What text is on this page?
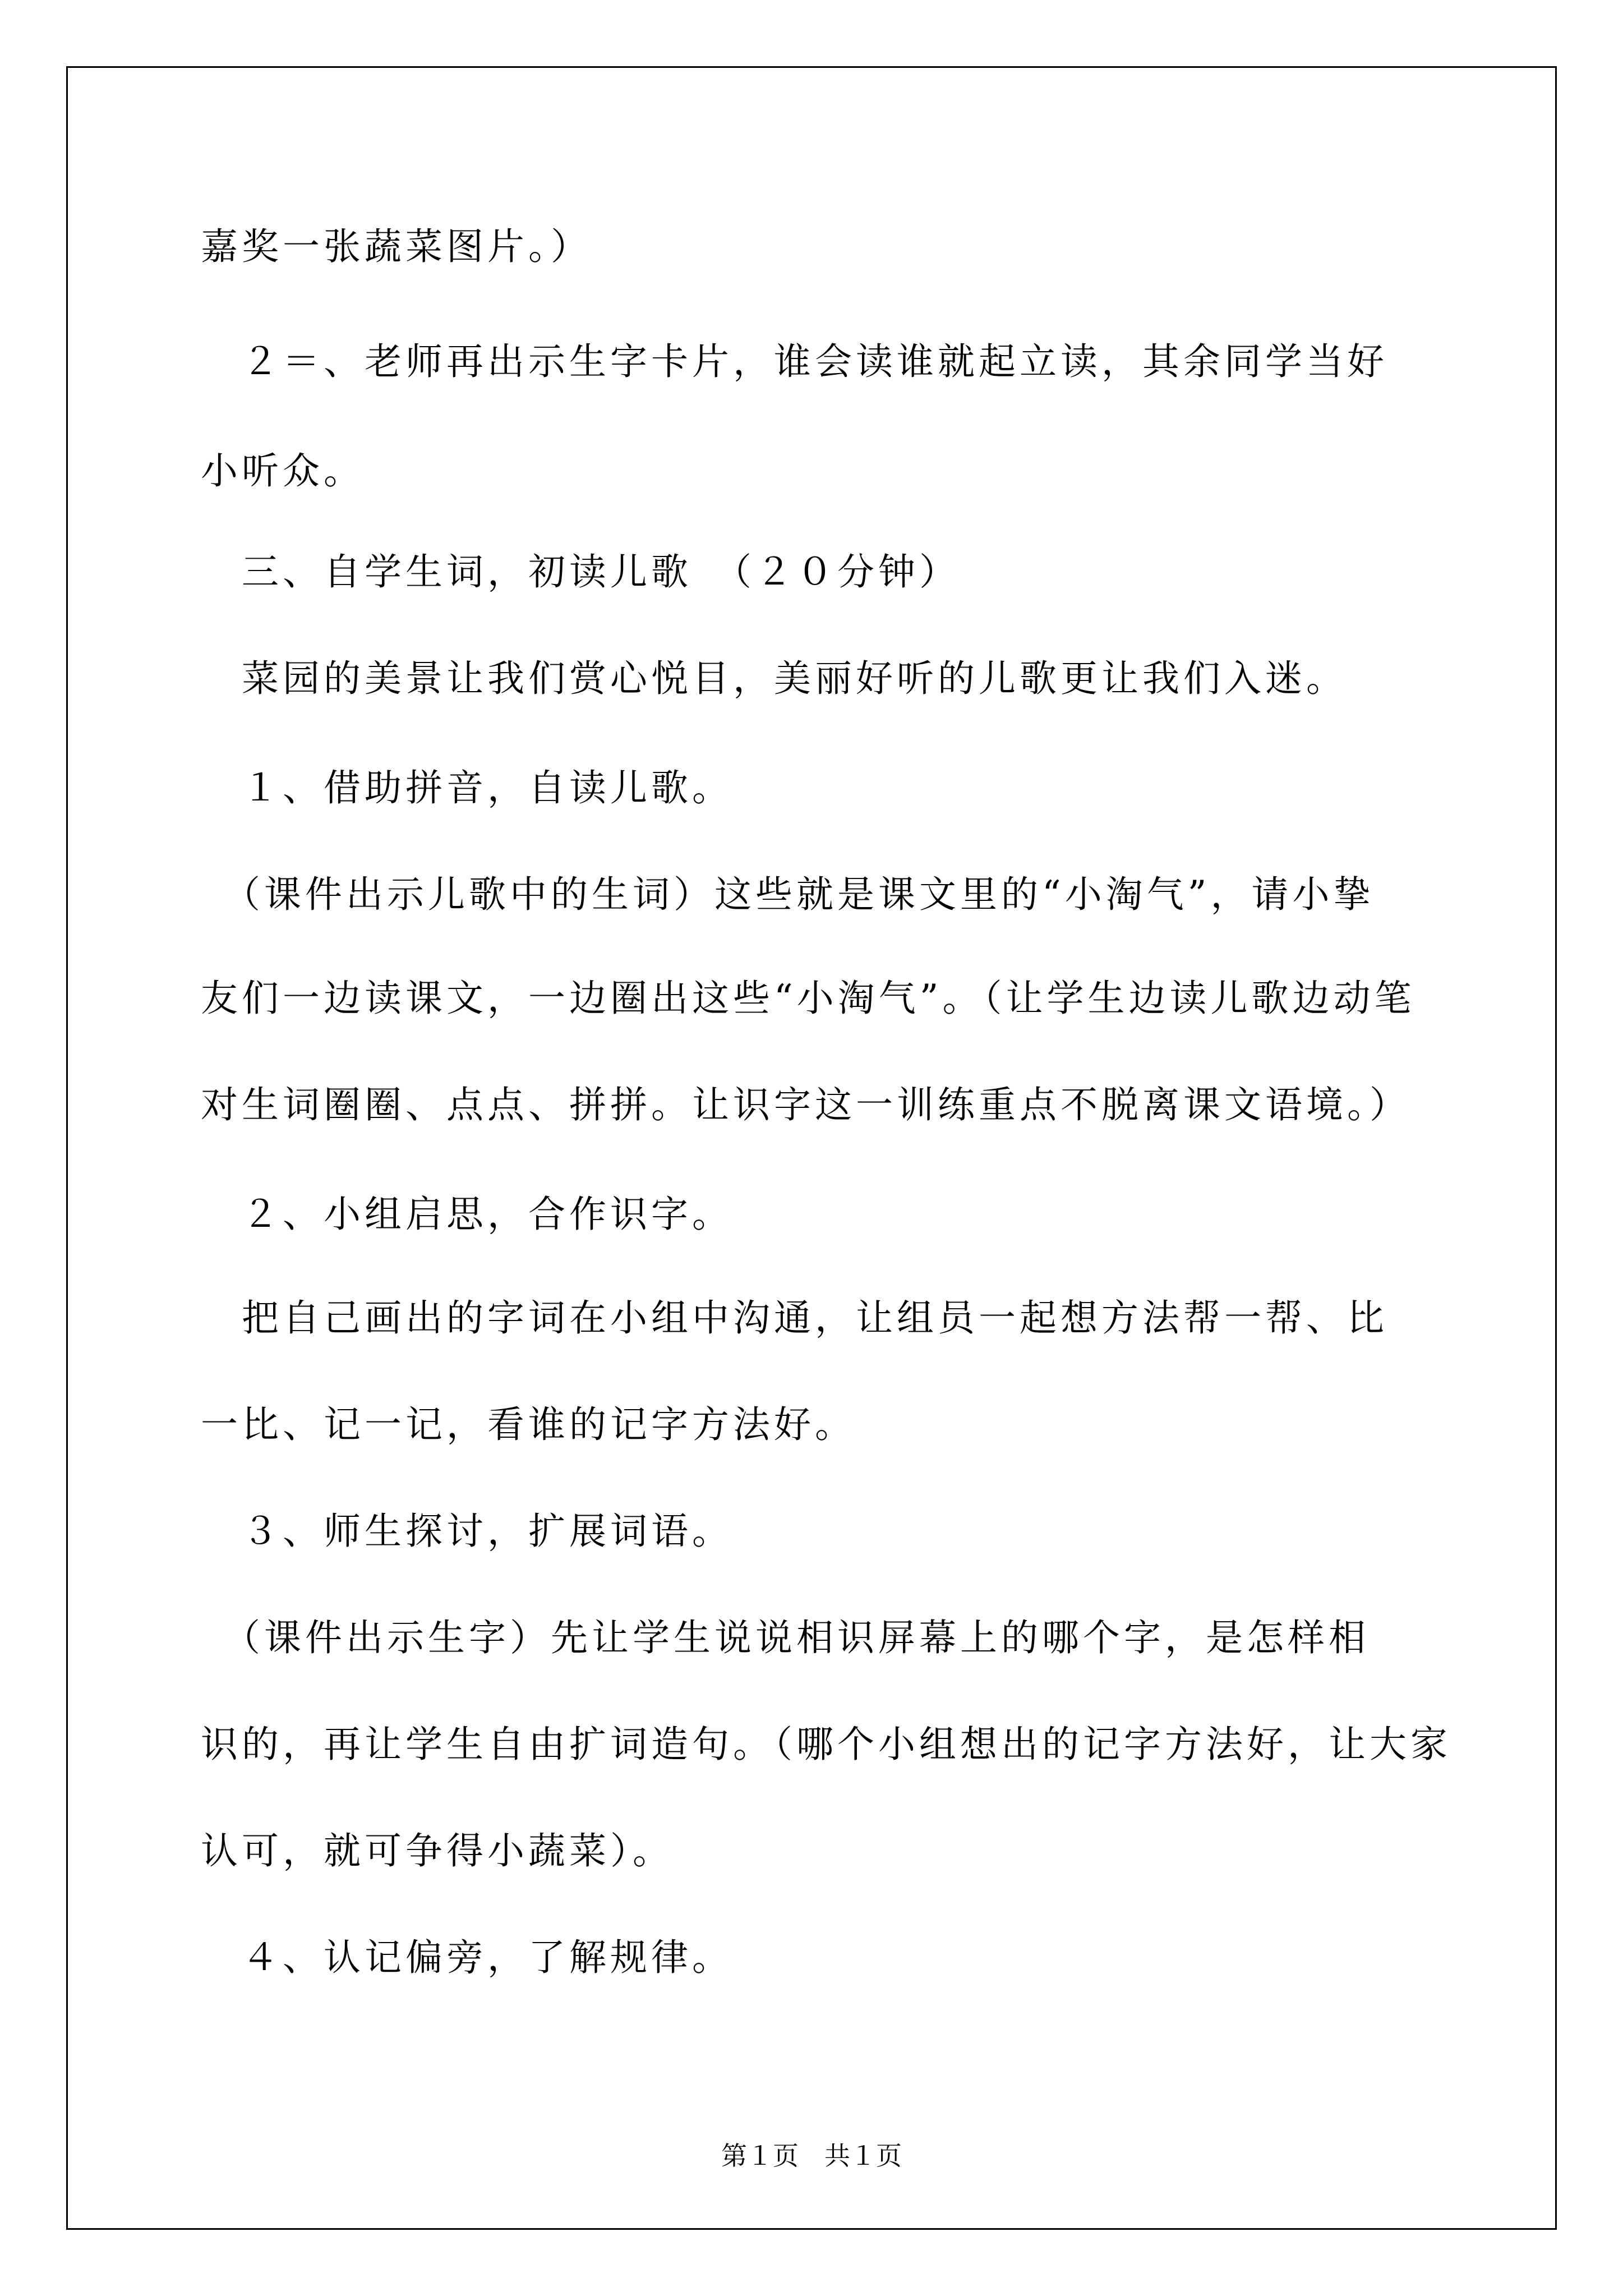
嘉奖一张蔬菜图片。）
　２＝、老师再出示生字卡片，谁会读谁就起立读，其余同学当好
小听众。
　三、自学生词，初读儿歌　（２０分钟）
　菜园的美景让我们赏心悦目，美丽好听的儿歌更让我们入迷。
　１、借助拼音，自读儿歌。
　（课件出示儿歌中的生词）这些就是课文里的“小淘气”，请小挚
友们一边读课文，一边圈出这些“小淘气”。（让学生边读儿歌边动笔
对生词圈圈、点点、拼拼。让识字这一训练重点不脱离课文语境。）
　２、小组启思，合作识字。
　把自己画出的字词在小组中沟通，让组员一起想方法帮一帮、比
一比、记一记，看谁的记字方法好。
　３、师生探讨，扩展词语。
　（课件出示生字）先让学生说说相识屏幕上的哪个字，是怎样相
识的，再让学生自由扩词造句。（哪个小组想出的记字方法好，让大家
认可，就可争得小蔬菜）。
　４、认记偏旁，了解规律。
第１页　共１页
